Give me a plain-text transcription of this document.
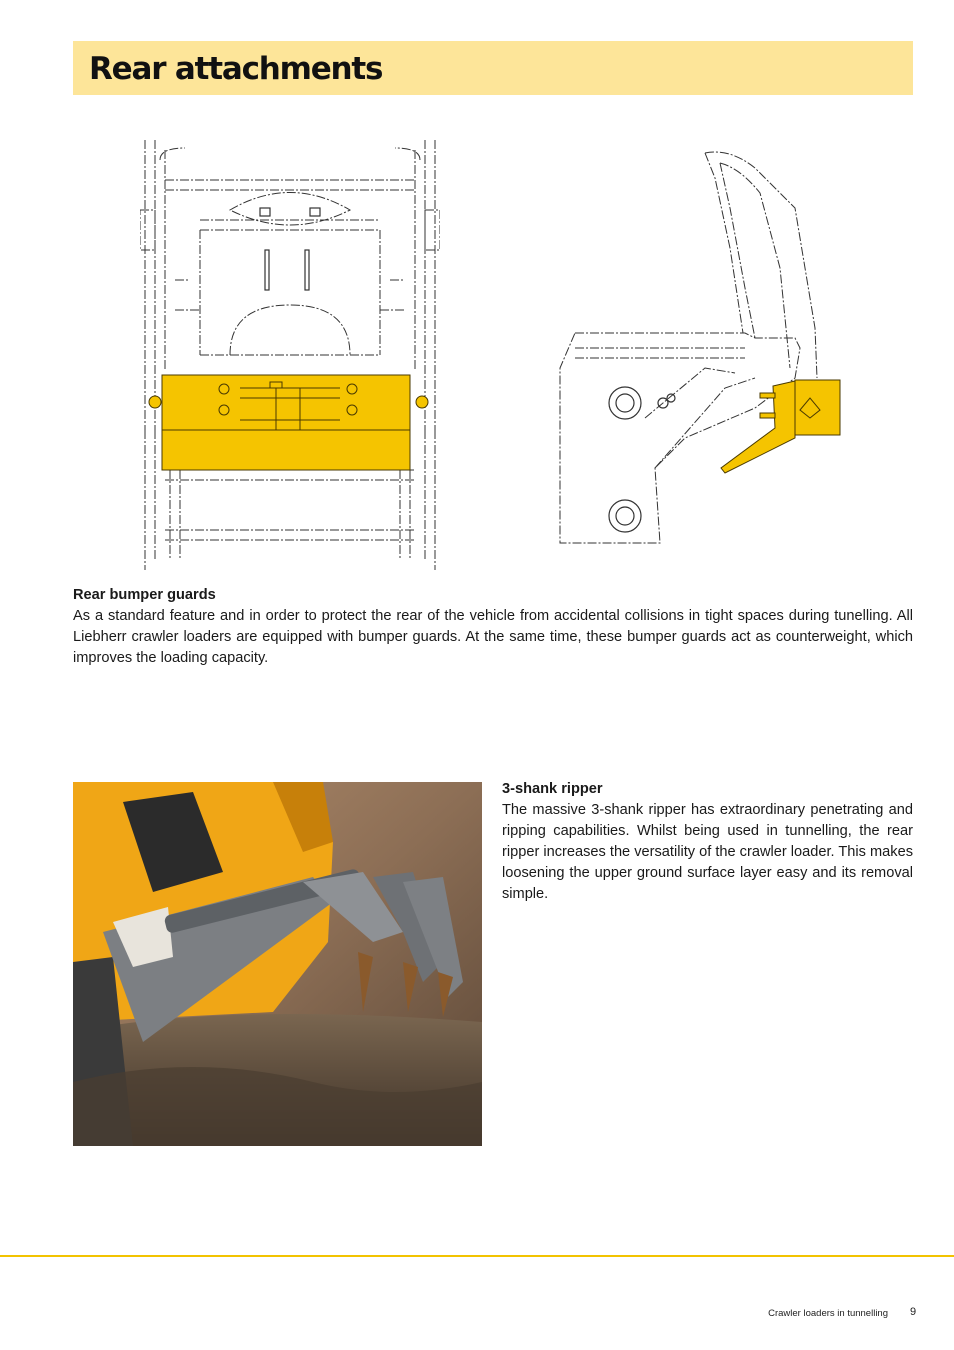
Rear attachments
Rear bumper guards

As a standard feature and in order to protect the rear of the vehicle from accidental collisions in tight spaces during tunelling. All Liebherr crawler loaders are equipped with bumper guards. At the same time, these bumper guards act as counterweight, which improves the loading capacity.

3-shank ripper

The massive 3-shank ripper has extraordinary penetrating and ripping capabilities. Whilst being used in tunnelling, the rear ripper increases the versatility of the crawler loader. This makes loosening the upper ground surface layer easy and its removal simple.

Crawler loaders in tunnelling 9
